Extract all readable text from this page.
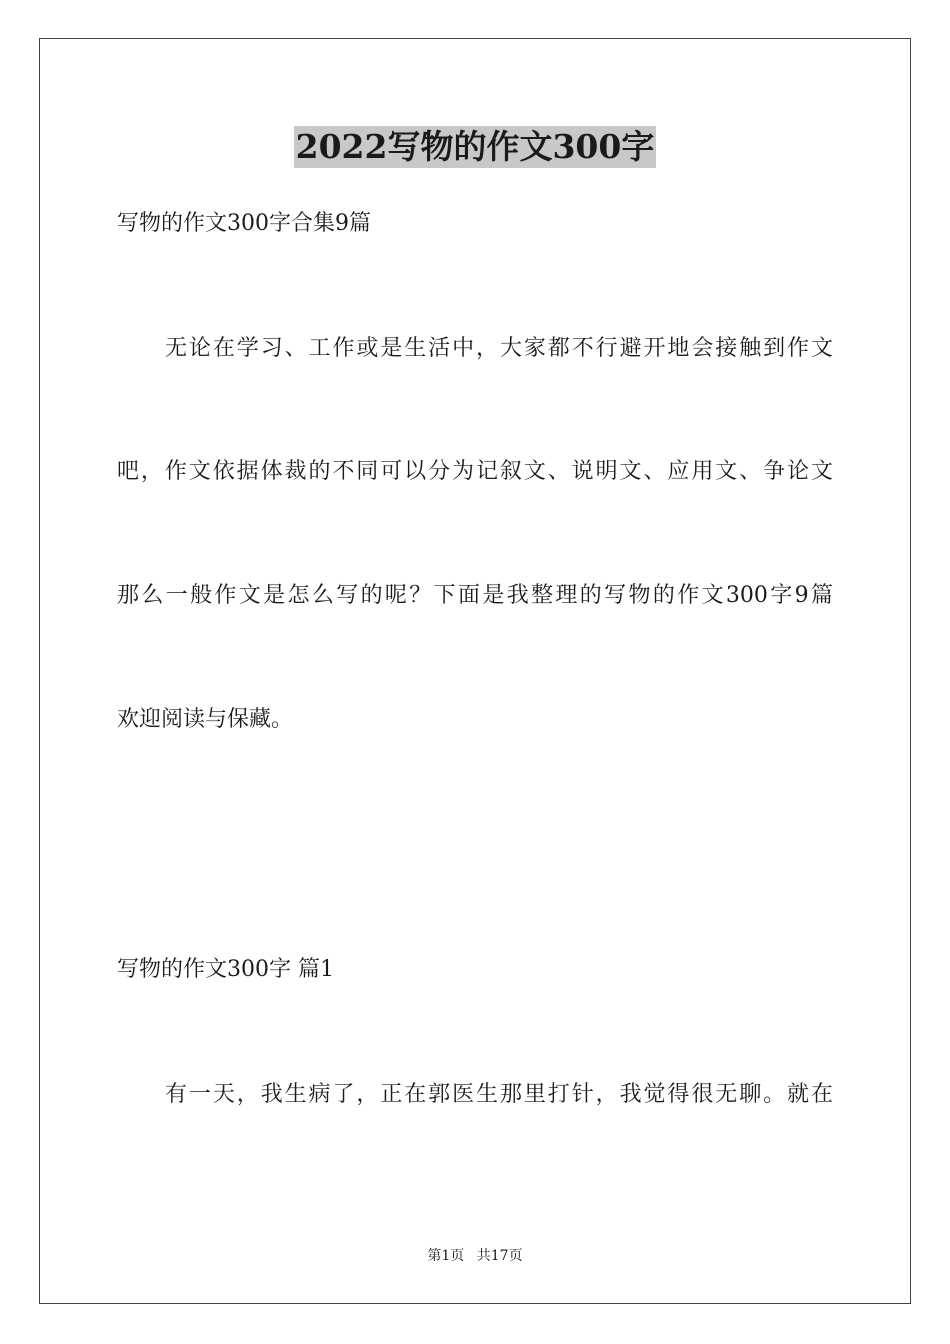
2022写物的作文300字
写物的作文300字合集9篇
无论在学习、工作或是生活中，大家都不行避开地会接触到作文
吧，作文依据体裁的不同可以分为记叙文、说明文、应用文、争论文
那么一般作文是怎么写的呢？下面是我整理的写物的作文300字9篇
欢迎阅读与保藏。
写物的作文300字 篇1
有一天，我生病了，正在郭医生那里打针，我觉得很无聊。就在
第1页 共17页
